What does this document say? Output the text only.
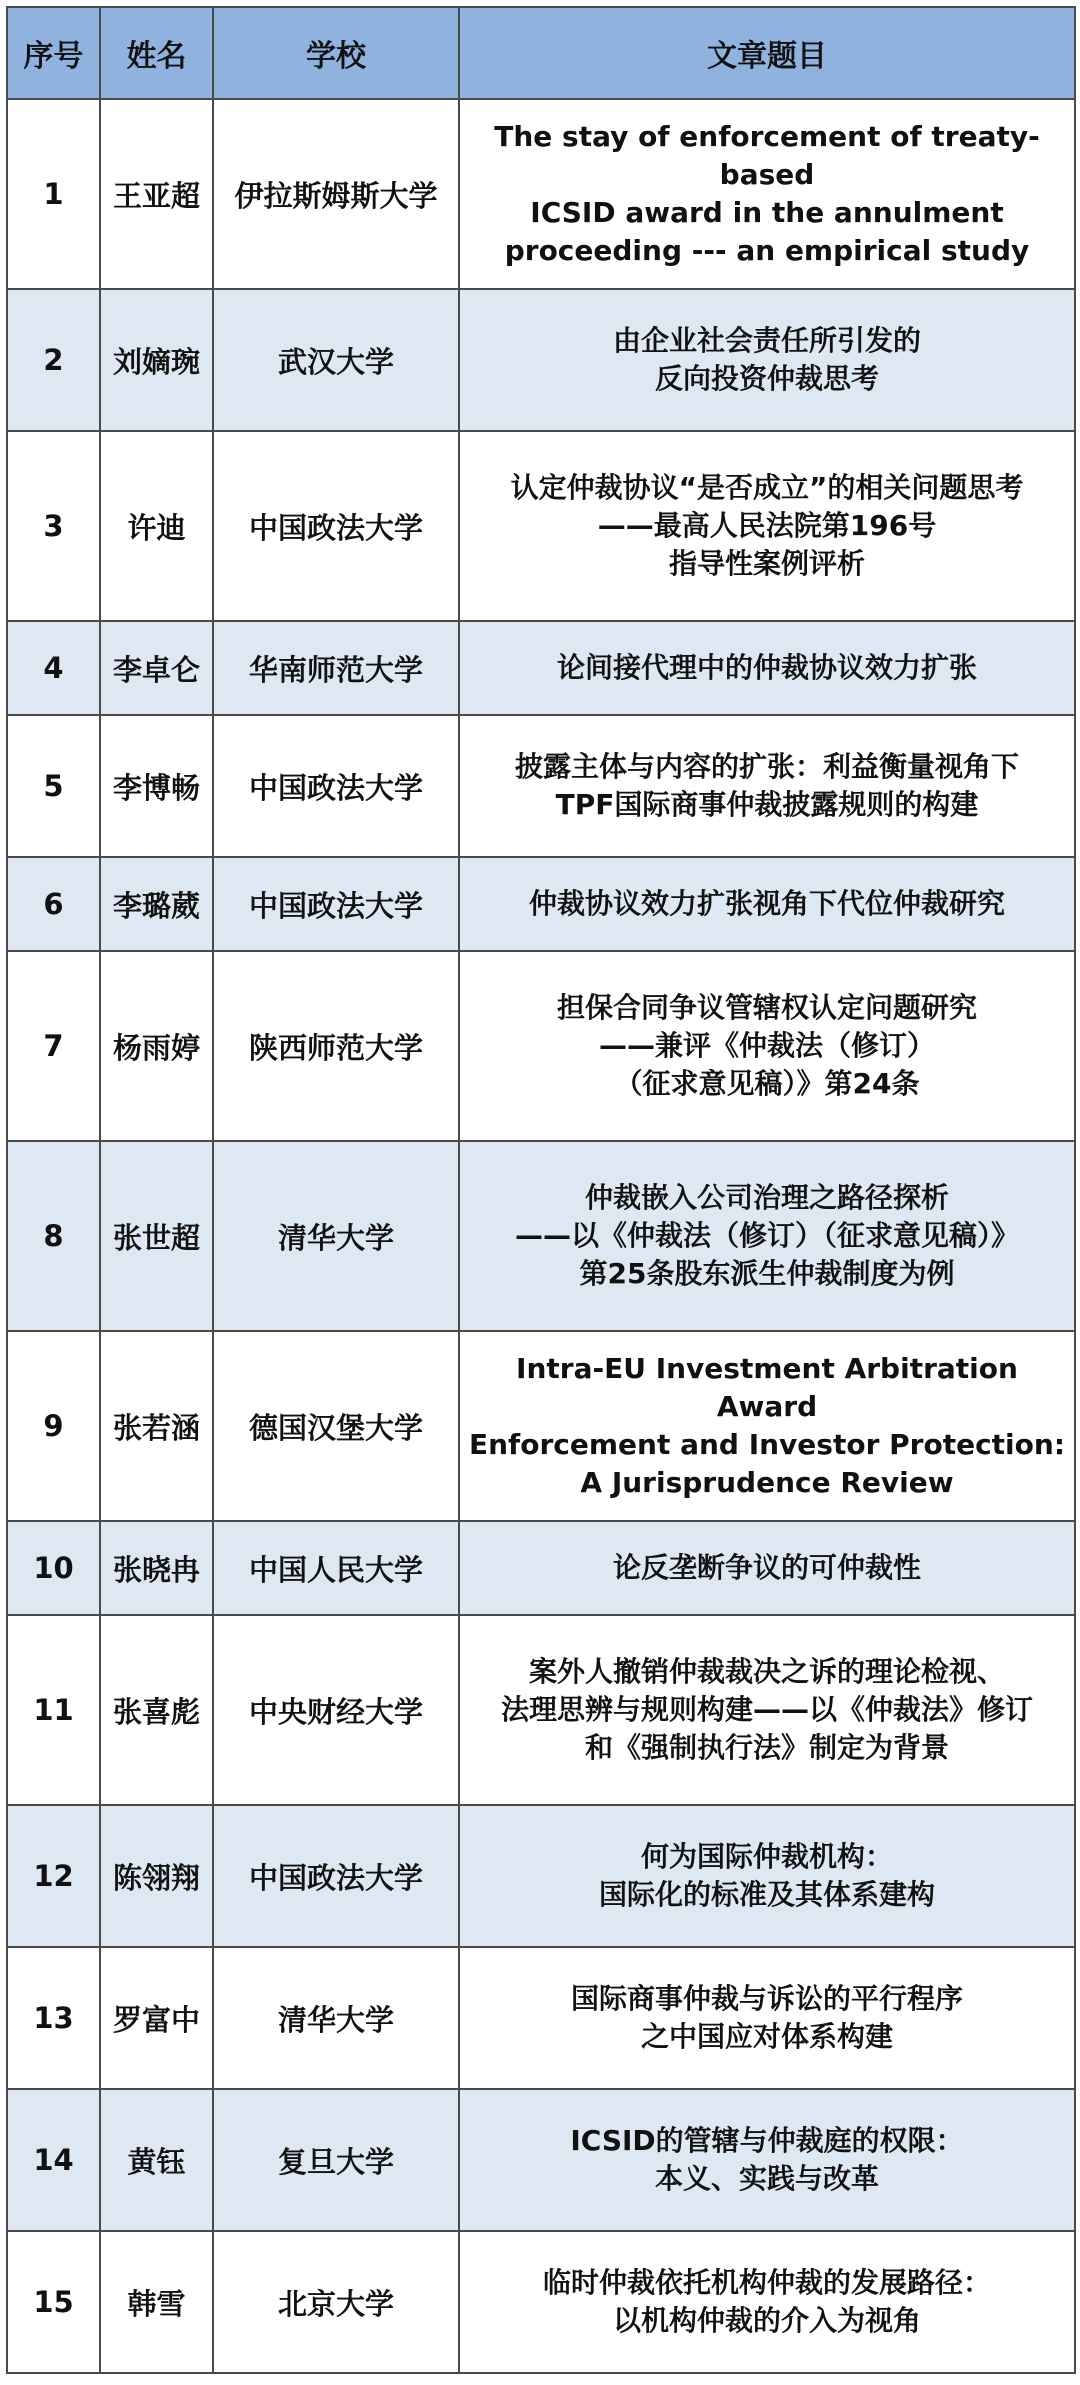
序号	姓名	学校	文章题目
1	王亚超	伊拉斯姆斯大学	The stay of enforcement of treaty-based
ICSID award in the annulment
proceeding --- an empirical study
2	刘嫡琬	武汉大学	由企业社会责任所引发的
反向投资仲裁思考
3	许迪	中国政法大学	认定仲裁协议“是否成立”的相关问题思考
——最高人民法院第196号
指导性案例评析
4	李卓仑	华南师范大学	论间接代理中的仲裁协议效力扩张
5	李博畅	中国政法大学	披露主体与内容的扩张：利益衡量视角下
TPF国际商事仲裁披露规则的构建
6	李璐葳	中国政法大学	仲裁协议效力扩张视角下代位仲裁研究
7	杨雨婷	陕西师范大学	担保合同争议管辖权认定问题研究
——兼评《仲裁法（修订）
（征求意见稿）》第24条
8	张世超	清华大学	仲裁嵌入公司治理之路径探析
——以《仲裁法（修订）（征求意见稿）》
第25条股东派生仲裁制度为例
9	张若涵	德国汉堡大学	Intra-EU Investment Arbitration Award
Enforcement and Investor Protection:
A Jurisprudence Review
10	张晓冉	中国人民大学	论反垄断争议的可仲裁性
11	张喜彪	中央财经大学	案外人撤销仲裁裁决之诉的理论检视、
法理思辨与规则构建——以《仲裁法》修订
和《强制执行法》制定为背景
12	陈翎翔	中国政法大学	何为国际仲裁机构：
国际化的标准及其体系建构
13	罗富中	清华大学	国际商事仲裁与诉讼的平行程序
之中国应对体系构建
14	黄钰	复旦大学	ICSID的管辖与仲裁庭的权限：
本义、实践与改革
15	韩雪	北京大学	临时仲裁依托机构仲裁的发展路径：
以机构仲裁的介入为视角
